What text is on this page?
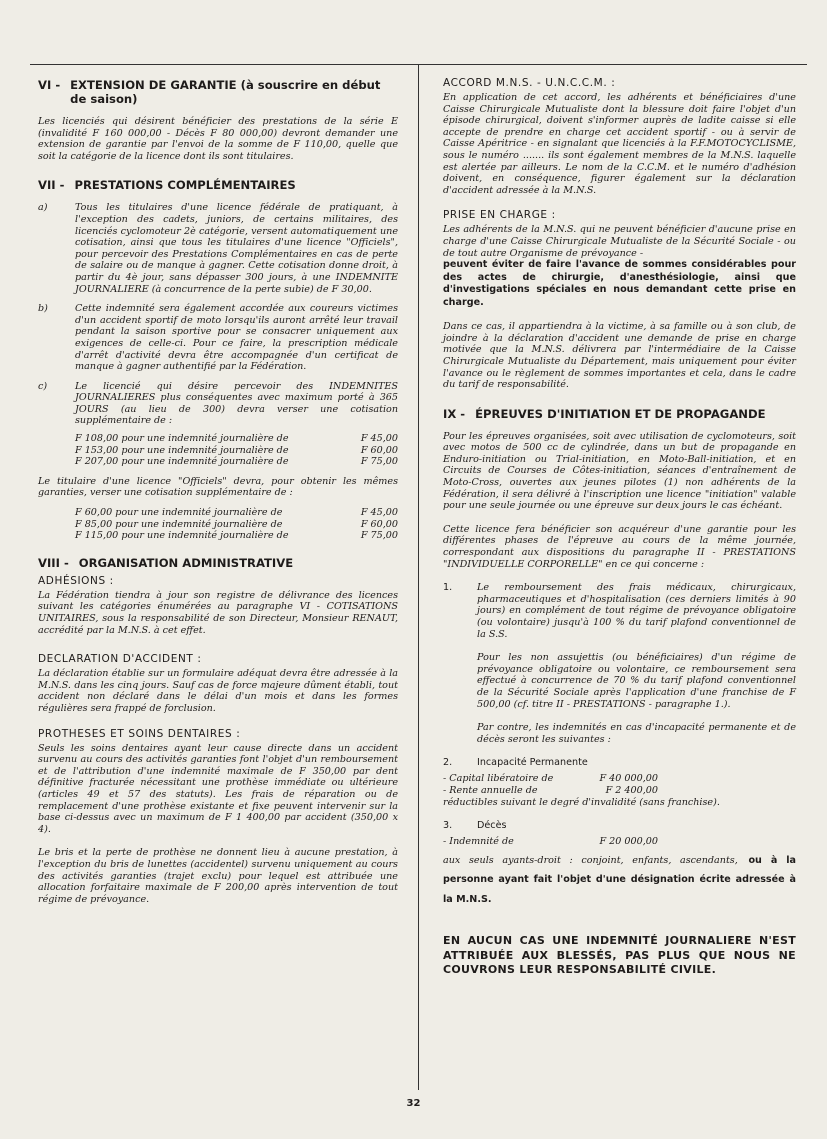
VI - EXTENSION DE GARANTIE (à souscrire en début de saison)

Les licenciés qui désirent bénéficier des prestations de la série E (invalidité F 160 000,00 - Décès F 80 000,00) devront demander une extension de garantie par l'envoi de la somme de F 110,00, quelle que soit la catégorie de la licence dont ils sont titulaires.

VII - PRESTATIONS COMPLÉMENTAIRES
a)	Tous les titulaires d'une licence fédérale de pratiquant, à l'exception des cadets, juniors, de certains militaires, des licenciés cyclomoteur 2è catégorie, versent automatiquement une cotisation, ainsi que tous les titulaires d'une licence "Officiels", pour percevoir des Prestations Complémentaires en cas de perte de salaire ou de manque à gagner. Cette cotisation donne droit, à partir du 4è jour, sans dépasser 300 jours, à une INDEMNITE JOURNALIERE (à concurrence de la perte subie) de F 30,00.

b)	Cette indemnité sera également accordée aux coureurs victimes d'un accident sportif de moto lorsqu'ils auront arrêté leur travail pendant la saison sportive pour se consacrer uniquement aux exigences de celle-ci. Pour ce faire, la prescription médicale d'arrêt d'activité devra être accompagnée d'un certificat de manque à gagner authentifié par la Fédération.

c)	Le licencié qui désire percevoir des INDEMNITES JOURNALIERES plus conséquentes avec maximum porté à 365 JOURS (au lieu de 300) devra verser une cotisation supplémentaire de :

F 108,00 pour une indemnité journalière de	F 45,00
F 153,00 pour une indemnité journalière de	F 60,00
F 207,00 pour une indemnité journalière de	F 75,00

Le titulaire d'une licence "Officiels" devra, pour obtenir les mêmes garanties, verser une cotisation supplémentaire de :

F 60,00 pour une indemnité journalière de	F 45,00
F 85,00 pour une indemnité journalière de	F 60,00
F 115,00 pour une indemnité journalière de	F 75,00
VIII - ORGANISATION ADMINISTRATIVE
ADHÉSIONS :

La Fédération tiendra à jour son registre de délivrance des licences suivant les catégories énumérées au paragraphe VI - COTISATIONS UNITAIRES, sous la responsabilité de son Directeur, Monsieur RENAUT, accrédité par la M.N.S. à cet effet.

DECLARATION D'ACCIDENT :

La déclaration établie sur un formulaire adéquat devra être adressée à la M.N.S. dans les cinq jours. Sauf cas de force majeure dûment établi, tout accident non déclaré dans le délai d'un mois et dans les formes régulières sera frappé de forclusion.

PROTHESES ET SOINS DENTAIRES :

Seuls les soins dentaires ayant leur cause directe dans un accident survenu au cours des activités garanties font l'objet d'un remboursement et de l'attribution d'une indemnité maximale de F 350,00 par dent définitive fracturée nécessitant une prothèse immédiate ou ultérieure (articles 49 et 57 des statuts). Les frais de réparation ou de remplacement d'une prothèse existante et fixe peuvent intervenir sur la base ci-dessus avec un maximum de F 1 400,00 par accident (350,00 x 4).

Le bris et la perte de prothèse ne donnent lieu à aucune prestation, à l'exception du bris de lunettes (accidentel) survenu uniquement au cours des activités garanties (trajet exclu) pour lequel est attribuée une allocation forfaitaire maximale de F 200,00 après intervention de tout régime de prévoyance.

ACCORD M.N.S. - U.N.C.C.M. :

En application de cet accord, les adhérents et bénéficiaires d'une Caisse Chirurgicale Mutualiste dont la blessure doit faire l'objet d'un épisode chirurgical, doivent s'informer auprès de ladite caisse si elle accepte de prendre en charge cet accident sportif - ou à servir de Caisse Apéritrice - en signalant que licenciés à la F.F.MOTOCYCLISME, sous le numéro ....... ils sont également membres de la M.N.S. laquelle est alertée par ailleurs. Le nom de la C.C.M. et le numéro d'adhésion doivent, en conséquence, figurer également sur la déclaration d'accident adressée à la M.N.S.

PRISE EN CHARGE :

Les adhérents de la M.N.S. qui ne peuvent bénéficier d'aucune prise en charge d'une Caisse Chirurgicale Mutualiste de la Sécurité Sociale - ou de tout autre Organisme de prévoyance -

peuvent éviter de faire l'avance de sommes considérables pour des actes de chirurgie, d'anesthésiologie, ainsi que d'investigations spéciales en nous demandant cette prise en charge.

Dans ce cas, il appartiendra à la victime, à sa famille ou à son club, de joindre à la déclaration d'accident une demande de prise en charge motivée que la M.N.S. délivrera par l'intermédiaire de la Caisse Chirurgicale Mutualiste du Département, mais uniquement pour éviter l'avance ou le règlement de sommes importantes et cela, dans le cadre du tarif de responsabilité.

IX - ÉPREUVES D'INITIATION ET DE PROPAGANDE

Pour les épreuves organisées, soit avec utilisation de cyclomoteurs, soit avec motos de 500 cc de cylindrée, dans un but de propagande en Enduro-initiation ou Trial-initiation, en Moto-Ball-initiation, et en Circuits de Courses de Côtes-initiation, séances d'entraînement de Moto-Cross, ouvertes aux jeunes pilotes (1) non adhérents de la Fédération, il sera délivré à l'inscription une licence "initiation" valable pour une seule journée ou une épreuve sur deux jours le cas échéant.

Cette licence fera bénéficier son acquéreur d'une garantie pour les différentes phases de l'épreuve au cours de la même journée, correspondant aux dispositions du paragraphe II - PRESTATIONS "INDIVIDUELLE CORPORELLE" en ce qui concerne :

1.	Le remboursement des frais médicaux, chirurgicaux, pharmaceutiques et d'hospitalisation (ces derniers limités à 90 jours) en complément de tout régime de prévoyance obligatoire (ou volontaire) jusqu'à 100 % du tarif plafond conventionnel de la S.S.

Pour les non assujettis (ou bénéficiaires) d'un régime de prévoyance obligatoire ou volontaire, ce remboursement sera effectué à concurrence de 70 % du tarif plafond conventionnel de la Sécurité Sociale après l'application d'une franchise de F 500,00 (cf. titre II - PRESTATIONS - paragraphe 1.).

Par contre, les indemnités en cas d'incapacité permanente et de décès seront les suivantes :

2.	Incapacité Permanente
- Capital libératoire de	F 40 000,00
- Rente annuelle de	F 2 400,00

réductibles suivant le degré d'invalidité (sans franchise).

3.	Décès
- Indemnité de	F 20 000,00
aux seuls ayants-droit : conjoint, enfants, ascendants, ou à la personne ayant fait l'objet d'une désignation écrite adressée à la M.N.S.
EN AUCUN CAS UNE INDEMNITÉ JOURNALIERE N'EST ATTRIBUÉE AUX BLESSÉS, PAS PLUS QUE NOUS NE COUVRONS LEUR RESPONSABILITÉ CIVILE.
32
